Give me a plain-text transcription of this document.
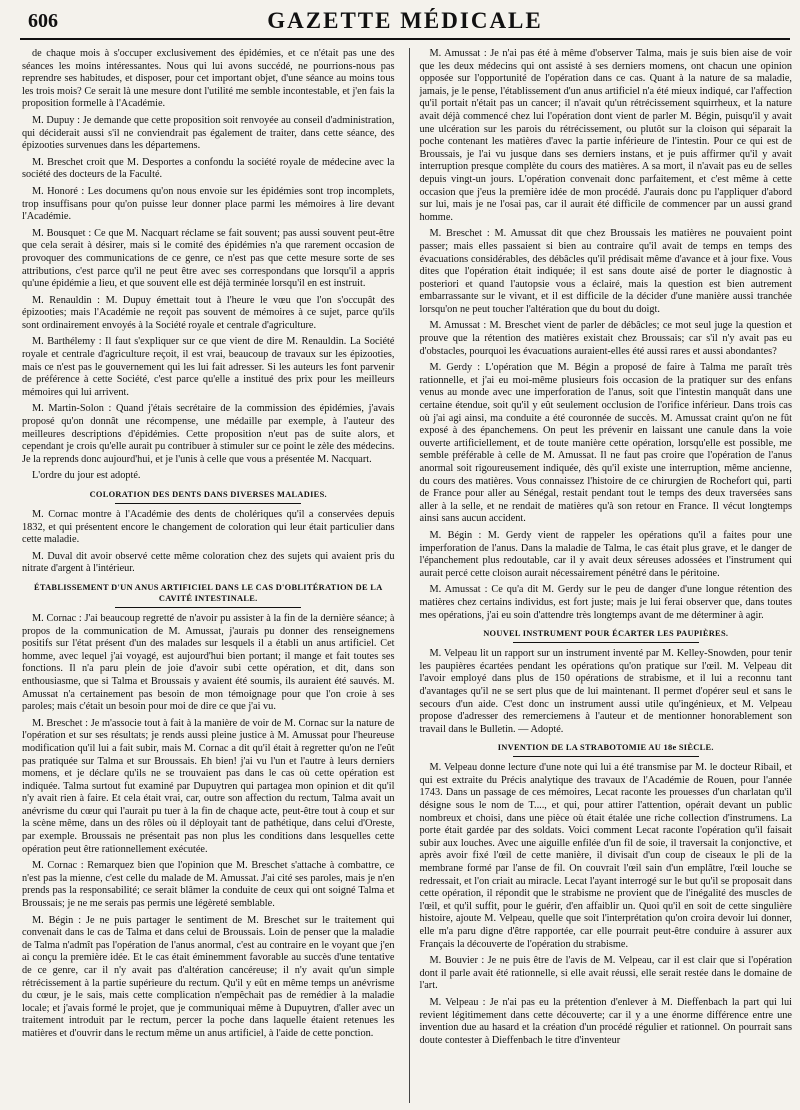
606	GAZETTE MÉDICALE

de chaque mois à s'occuper exclusivement des épidémies, et ce n'était pas une des séances les moins intéressantes. Nous qui lui avons succédé, ne pourrions-nous pas reprendre ses habitudes, et disposer, pour cet important objet, d'une séance au moins tous les trois mois? Ce serait là une mesure dont l'utilité me semble incontestable, et j'en fais la proposition formelle à l'Académie.

M. Dupuy : Je demande que cette proposition soit renvoyée au conseil d'administration, qui déciderait aussi s'il ne conviendrait pas également de traiter, dans cette séance, des épizooties survenues dans les départemens.

M. Breschet croit que M. Desportes a confondu la société royale de médecine avec la société des docteurs de la Faculté.

M. Honoré : Les documens qu'on nous envoie sur les épidémies sont trop incomplets, trop insuffisans pour qu'on puisse leur donner place parmi les mémoires à lire devant l'Académie.

M. Bousquet : Ce que M. Nacquart réclame se fait souvent; pas aussi souvent peut-être que cela serait à désirer, mais si le comité des épidémies n'a que rarement occasion de provoquer des communications de ce genre, ce n'est pas que cette mesure sorte de ses attributions, c'est parce qu'il ne peut être avec ses correspondans que lorsqu'il a appris qu'une épidémie a lieu, et que souvent elle est déjà terminée lorsqu'il en est instruit.

M. Renauldin : M. Dupuy émettait tout à l'heure le vœu que l'on s'occupât des épizooties; mais l'Académie ne reçoit pas souvent de mémoires à ce sujet, parce qu'ils sont ordinairement envoyés à la Société royale et centrale d'agriculture.

M. Barthélemy : Il faut s'expliquer sur ce que vient de dire M. Renauldin. La Société royale et centrale d'agriculture reçoit, il est vrai, beaucoup de travaux sur les épizooties, mais ce n'est pas le gouvernement qui les lui fait adresser. Si les auteurs les font parvenir de préférence à cette Société, c'est parce qu'elle a institué des prix pour les meilleurs mémoires qui lui arrivent.

M. Martin-Solon : Quand j'étais secrétaire de la commission des épidémies, j'avais proposé qu'on donnât une récompense, une médaille par exemple, à l'auteur des meilleures descriptions d'épidémies. Cette proposition n'eut pas de suite alors, et cependant je crois qu'elle aurait pu contribuer à stimuler sur ce point le zèle des médecins. Je la reprends donc aujourd'hui, et je l'unis à celle que vous a présentée M. Nacquart.

L'ordre du jour est adopté.

COLORATION DES DENTS DANS DIVERSES MALADIES.

M. Cornac montre à l'Académie des dents de cholériques qu'il a conservées depuis 1832, et qui présentent encore le changement de coloration qui leur était particulier dans cette maladie.

M. Duval dit avoir observé cette même coloration chez des sujets qui avaient pris du nitrate d'argent à l'intérieur.

ÉTABLISSEMENT D'UN ANUS ARTIFICIEL DANS LE CAS D'OBLITÉRATION DE LA CAVITÉ INTESTINALE.

M. Cornac : J'ai beaucoup regretté de n'avoir pu assister à la fin de la dernière séance; à propos de la communication de M. Amussat, j'aurais pu donner des renseignemens positifs sur l'état présent d'un des malades sur lesquels il a établi un anus artificiel. Cet homme, avec lequel j'ai voyagé, est aujourd'hui bien portant; il mange et fait toutes ses fonctions. Il n'a paru plein de joie d'avoir subi cette opération, et dit, dans son enthousiasme, que si Talma et Broussais y avaient été soumis, ils auraient été sauvés. M. Amussat n'a certainement pas besoin de mon témoignage pour que l'on croie à ses paroles; mais c'était un besoin pour moi de dire ce que j'ai vu.

M. Breschet : Je m'associe tout à fait à la manière de voir de M. Cornac sur la nature de l'opération et sur ses résultats; je rends aussi pleine justice à M. Amussat pour l'heureuse modification qu'il lui a fait subir, mais M. Cornac a dit qu'il était à regretter qu'on ne l'eût pas pratiquée sur Talma et sur Broussais. Eh bien! j'ai vu l'un et l'autre à leurs derniers momens, et je déclare qu'ils ne se trouvaient pas dans le cas où cette opération est indiquée. Talma surtout fut examiné par Dupuytren qui partagea mon opinion et dit qu'il n'y avait rien à faire. Et cela était vrai, car, outre son affection du rectum, Talma avait un anévrisme du cœur qui l'aurait pu tuer à la fin de chaque acte, peut-être tout à coup et sur la scène même, dans un des rôles où il déployait tant de pathétique, dans celui d'Oreste, par exemple. Broussais ne présentait pas non plus les conditions dans lesquelles cette opération peut être rationnellement exécutée.

M. Cornac : Remarquez bien que l'opinion que M. Breschet s'attache à combattre, ce n'est pas la mienne, c'est celle du malade de M. Amussat. J'ai cité ses paroles, mais je n'en prends pas la responsabilité; ce serait blâmer la conduite de ceux qui ont soigné Talma et Broussais; je ne me serais pas permis une légèreté semblable.

M. Bégin : Je ne puis partager le sentiment de M. Breschet sur le traitement qui convenait dans le cas de Talma et dans celui de Broussais. Loin de penser que la maladie de Talma n'admît pas l'opération de l'anus anormal, c'est au contraire en le voyant que j'en ai conçu la première idée. Et le cas était éminemment favorable au succès d'une tentative de ce genre, car il n'y avait pas d'altération cancéreuse; il n'y avait qu'un simple rétrécissement à la partie supérieure du rectum. Qu'il y eût en même temps un anévrisme du cœur, je le sais, mais cette complication n'empêchait pas de remédier à la maladie locale; et j'avais formé le projet, que je communiquai même à Dupuytren, d'aller avec un traitement introduit par le rectum, percer la poche dans laquelle étaient retenues les matières et d'ouvrir dans le rectum même un anus artificiel, à l'aide de cette ponction.

M. Amussat : Je n'ai pas été à même d'observer Talma, mais je suis bien aise de voir que les deux médecins qui ont assisté à ses derniers momens, ont chacun une opinion opposée sur l'opportunité de l'opération dans ce cas. Quant à la nature de sa maladie, jamais, je le pense, l'établissement d'un anus artificiel n'a été mieux indiqué, car l'affection qu'il portait n'était pas un cancer; il n'avait qu'un rétrécissement squirrheux, et la nature avait déjà commencé chez lui l'opération dont vient de parler M. Bégin, puisqu'il y avait une ulcération sur les parois du rétrécissement, ou plutôt sur la cloison qui séparait la poche contenant les matières d'avec la partie inférieure de l'intestin. Pour ce qui est de Broussais, je l'ai vu jusque dans ses derniers instans, et je puis affirmer qu'il y avait interruption presque complète du cours des matières. A sa mort, il n'avait pas eu de selles depuis vingt-un jours. L'opération convenait donc parfaitement, et c'est même à cette occasion que j'eus la première idée de mon procédé. J'aurais donc pu l'appliquer d'abord sur lui, mais je ne l'osai pas, car il aurait été difficile de commencer par un aussi grand homme.

M. Breschet : M. Amussat dit que chez Broussais les matières ne pouvaient point passer; mais elles passaient si bien au contraire qu'il avait de temps en temps des évacuations considérables, des débâcles qu'il prédisait même d'avance et à jour fixe. Vous dites que l'opération était indiquée; il est sans doute aisé de porter le diagnostic à posteriori et quand l'autopsie vous a éclairé, mais la question est bien autrement embarrassante sur le vivant, et il est difficile de la décider d'une manière aussi tranchée lorsqu'on ne peut toucher l'altération que du bout du doigt.

M. Amussat : M. Breschet vient de parler de débâcles; ce mot seul juge la question et prouve que la rétention des matières existait chez Broussais; car s'il n'y avait pas eu d'obstacles, pourquoi les évacuations auraient-elles été aussi rares et aussi abondantes?

M. Gerdy : L'opération que M. Bégin a proposé de faire à Talma me paraît très rationnelle, et j'ai eu moi-même plusieurs fois occasion de la pratiquer sur des enfans venus au monde avec une imperforation de l'anus, soit que l'intestin manquât dans une certaine étendue, soit qu'il y eût seulement occlusion de l'orifice inférieur. Dans trois cas où j'ai agi ainsi, ma conduite a été couronnée de succès. M. Amussat craint qu'on ne fût exposé à des épanchemens. On peut les prévenir en laissant une canule dans la voie ouverte artificiellement, et de toute manière cette opération, lorsqu'elle est possible, me semble préférable à celle de M. Amussat. Il ne faut pas croire que l'opération de l'anus anormal soit rigoureusement indiquée, dès qu'il existe une interruption, même ancienne, du cours des matières. Vous connaissez l'histoire de ce chirurgien de Rochefort qui, parti de France pour aller au Sénégal, restait pendant tout le temps des deux traversées sans aller à la selle, et ne rendait de matières qu'à son retour en France. Il vécut longtemps ainsi sans aucun accident.

M. Bégin : M. Gerdy vient de rappeler les opérations qu'il a faites pour une imperforation de l'anus. Dans la maladie de Talma, le cas était plus grave, et le danger de l'épanchement plus redoutable, car il y avait deux séreuses adossées et l'instrument qui aurait percé cette cloison aurait nécessairement pénétré dans le péritoine.

M. Amussat : Ce qu'a dit M. Gerdy sur le peu de danger d'une longue rétention des matières chez certains individus, est fort juste; mais je lui ferai observer que, dans toutes mes opérations, j'ai eu soin d'attendre très longtemps avant de me déterminer à agir.

NOUVEL INSTRUMENT POUR ÉCARTER LES PAUPIÈRES.

M. Velpeau lit un rapport sur un instrument inventé par M. Kelley-Snowden, pour tenir les paupières écartées pendant les opérations qu'on pratique sur l'œil. M. Velpeau dit l'avoir employé dans plus de 150 opérations de strabisme, et il lui a reconnu tant d'avantages qu'il ne se sert plus que de lui maintenant. Il permet d'opérer seul et sans le secours d'un aide. C'est donc un instrument aussi utile qu'ingénieux, et M. Velpeau propose d'adresser des remerciemens à l'auteur et de mentionner honorablement son travail dans le Bulletin. — Adopté.

INVENTION DE LA STRABOTOMIE AU 18e SIÈCLE.

M. Velpeau donne lecture d'une note qui lui a été transmise par M. le docteur Ribail, et qui est extraite du Précis analytique des travaux de l'Académie de Rouen, pour l'année 1743. Dans un passage de ces mémoires, Lecat raconte les prouesses d'un charlatan qu'il désigne sous le nom de T...., et qui, pour attirer l'attention, opérait devant un public nombreux et choisi, dans une pièce où était étalée une riche collection d'instrumens. La porte était gardée par des soldats. Voici comment Lecat raconte l'opération qu'il faisait subir aux louches. Avec une aiguille enfilée d'un fil de soie, il traversait la conjonctive, et après avoir fixé l'œil de cette manière, il divisait d'un coup de ciseaux le pli de la membrane formé par l'anse de fil. On couvrait l'œil sain d'un emplâtre, l'œil louche se redressait, et l'on criait au miracle. Lecat l'ayant interrogé sur le but qu'il se proposait dans cette opération, il répondit que le strabisme ne provient que de l'inégalité des muscles de l'œil, et qu'il suffit, pour le guérir, d'en affaiblir un. Quoi qu'il en soit de cette singulière histoire, ajoute M. Velpeau, quelle que soit l'interprétation qu'on croira devoir lui donner, elle m'a paru digne d'être rapportée, car elle pourrait peut-être conduire à assurer aux Français la découverte de l'opération du strabisme.

M. Bouvier : Je ne puis être de l'avis de M. Velpeau, car il est clair que si l'opération dont il parle avait été rationnelle, si elle avait réussi, elle serait restée dans le domaine de l'art.

M. Velpeau : Je n'ai pas eu la prétention d'enlever à M. Dieffenbach la part qui lui revient légitimement dans cette découverte; car il y a une énorme différence entre une invention due au hasard et la création d'un procédé régulier et rationnel. On pourrait sans doute contester à Dieffenbach le titre d'inventeur
